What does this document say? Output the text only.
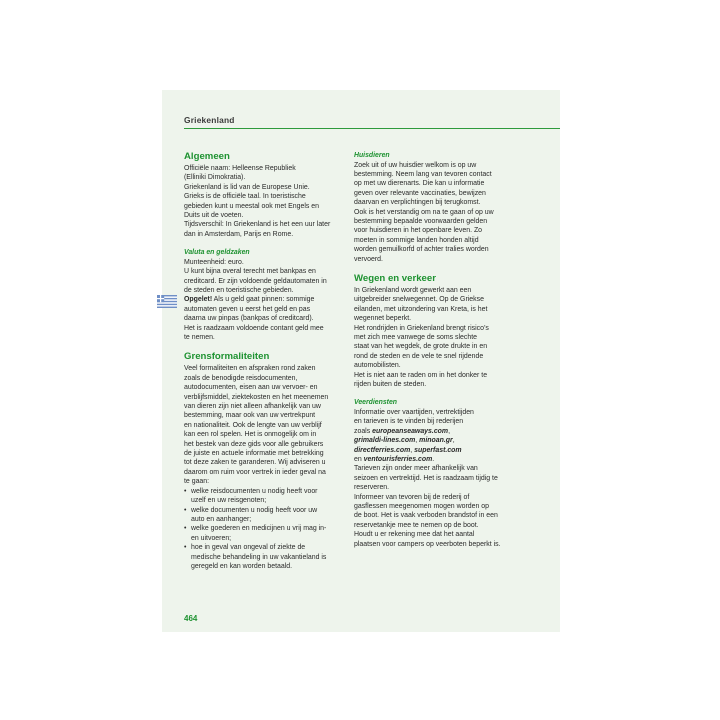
Griekenland
Algemeen
Officiële naam: Helleense Republiek
(Elliniki Dimokratia).
Griekenland is lid van de Europese Unie.
Grieks is de officiële taal. In toeristische
gebieden kunt u meestal ook met Engels en
Duits uit de voeten.
Tijdsverschil: In Griekenland is het een uur later
dan in Amsterdam, Parijs en Rome.
Valuta en geldzaken
Munteenheid: euro.
U kunt bijna overal terecht met bankpas en
creditcard. Er zijn voldoende geldautomaten in
de steden en toeristische gebieden.
Opgelet! Als u geld gaat pinnen: sommige
automaten geven u eerst het geld en pas
daarna uw pinpas (bankpas of creditcard).
Het is raadzaam voldoende contant geld mee
te nemen.
Grensformaliteiten
Veel formaliteiten en afspraken rond zaken
zoals de benodigde reisdocumenten,
autodocumenten, eisen aan uw vervoer- en
verblijfsmiddel, ziektekosten en het meenemen
van dieren zijn niet alleen afhankelijk van uw
bestemming, maar ook van uw vertrekpunt
en nationaliteit. Ook de lengte van uw verblijf
kan een rol spelen. Het is onmogelijk om in
het bestek van deze gids voor alle gebruikers
de juiste en actuele informatie met betrekking
tot deze zaken te garanderen. Wij adviseren u
daarom om ruim voor vertrek in ieder geval na
te gaan:
• welke reisdocumenten u nodig heeft voor
uzelf en uw reisgenoten;
• welke documenten u nodig heeft voor uw
auto en aanhanger;
• welke goederen en medicijnen u vrij mag in-
en uitvoeren;
• hoe in geval van ongeval of ziekte de
medische behandeling in uw vakantieland is
geregeld en kan worden betaald.
Huisdieren
Zoek uit of uw huisdier welkom is op uw
bestemming. Neem lang van tevoren contact
op met uw dierenarts. Die kan u informatie
geven over relevante vaccinaties, bewijzen
daarvan en verplichtingen bij terugkomst.
Ook is het verstandig om na te gaan of op uw
bestemming bepaalde voorwaarden gelden
voor huisdieren in het openbare leven. Zo
moeten in sommige landen honden altijd
worden gemuilkorfd of achter tralies worden
vervoerd.
Wegen en verkeer
In Griekenland wordt gewerkt aan een
uitgebreider snelwegennet. Op de Griekse
eilanden, met uitzondering van Kreta, is het
wegennet beperkt.
Het rondrijden in Griekenland brengt risico’s
met zich mee vanwege de soms slechte
staat van het wegdek, de grote drukte in en
rond de steden en de vele te snel rijdende
automobilisten.
Het is niet aan te raden om in het donker te
rijden buiten de steden.
Veerdiensten
Informatie over vaartijden, vertrektijden
en tarieven is te vinden bij rederijen
zoals europeanseaways.com,
grimaldi-lines.com, minoan.gr,
directferries.com, superfast.com
en ventourisferries.com.
Tarieven zijn onder meer afhankelijk van
seizoen en vertrektijd. Het is raadzaam tijdig te
reserveren.
Informeer van tevoren bij de rederij of
gasflessen meegenomen mogen worden op
de boot. Het is vaak verboden brandstof in een
reservetankje mee te nemen op de boot.
Houdt u er rekening mee dat het aantal
plaatsen voor campers op veerboten beperkt is.
464
